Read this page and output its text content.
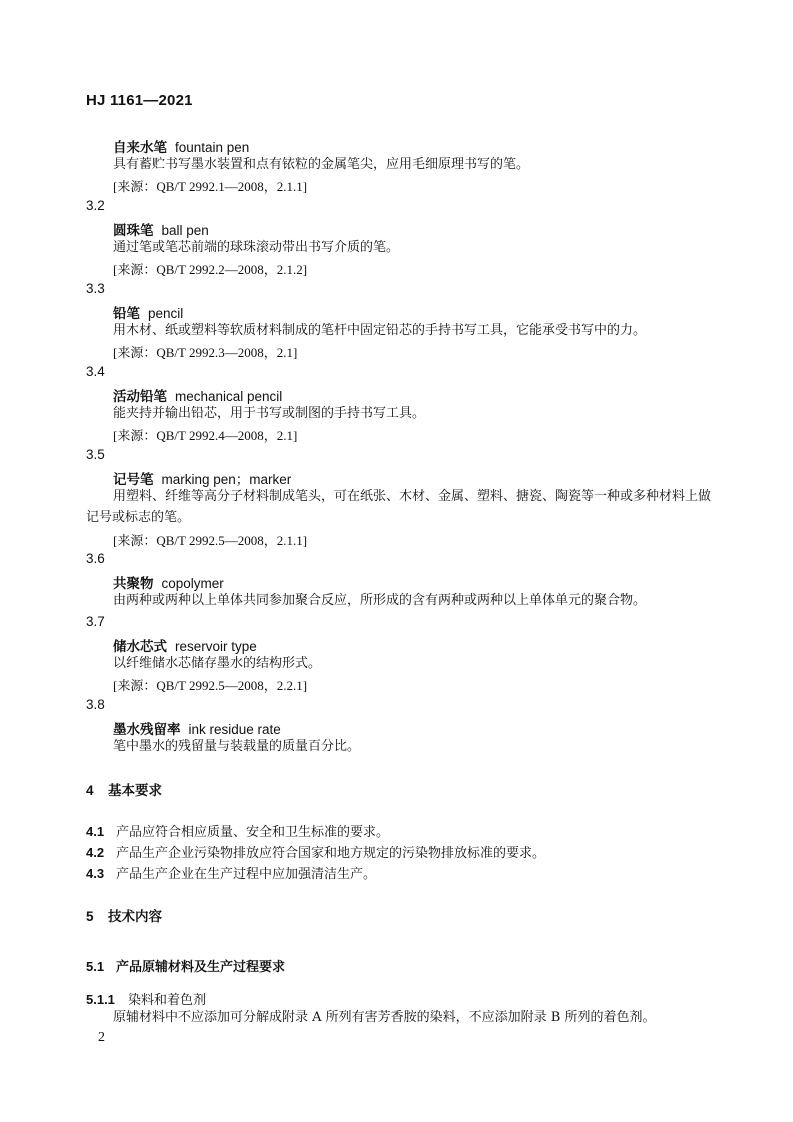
HJ 1161—2021
自来水笔 fountain pen
具有蓄贮书写墨水装置和点有铱粒的金属笔尖，应用毛细原理书写的笔。
[来源：QB/T 2992.1—2008，2.1.1]
3.2
圆珠笔 ball pen
通过笔或笔芯前端的球珠滚动带出书写介质的笔。
[来源：QB/T 2992.2—2008，2.1.2]
3.3
铅笔 pencil
用木材、纸或塑料等软质材料制成的笔杆中固定铅芯的手持书写工具，它能承受书写中的力。
[来源：QB/T 2992.3—2008，2.1]
3.4
活动铅笔 mechanical pencil
能夹持并输出铅芯，用于书写或制图的手持书写工具。
[来源：QB/T 2992.4—2008，2.1]
3.5
记号笔 marking pen；marker
用塑料、纤维等高分子材料制成笔头，可在纸张、木材、金属、塑料、搪瓷、陶瓷等一种或多种材料上做记号或标志的笔。
[来源：QB/T 2992.5—2008，2.1.1]
3.6
共聚物 copolymer
由两种或两种以上单体共同参加聚合反应，所形成的含有两种或两种以上单体单元的聚合物。
3.7
储水芯式 reservoir type
以纤维储水芯储存墨水的结构形式。
[来源：QB/T 2992.5—2008，2.2.1]
3.8
墨水残留率 ink residue rate
笔中墨水的残留量与装载量的质量百分比。
4 基本要求
4.1 产品应符合相应质量、安全和卫生标准的要求。
4.2 产品生产企业污染物排放应符合国家和地方规定的污染物排放标准的要求。
4.3 产品生产企业在生产过程中应加强清洁生产。
5 技术内容
5.1 产品原辅材料及生产过程要求
5.1.1 染料和着色剂
原辅材料中不应添加可分解成附录 A 所列有害芳香胺的染料，不应添加附录 B 所列的着色剂。
2
